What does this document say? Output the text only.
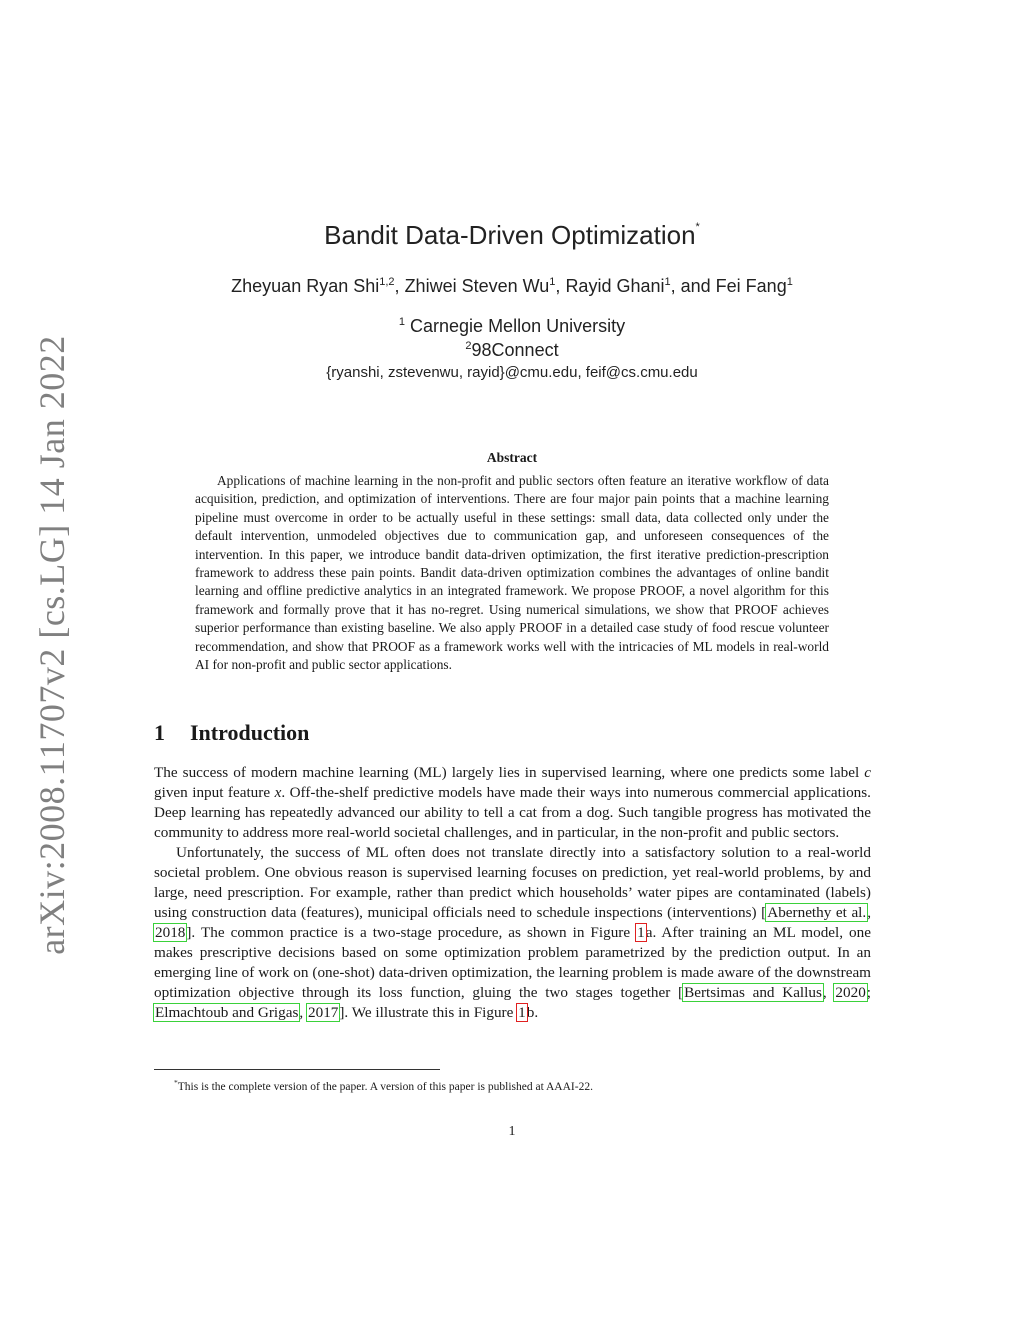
arXiv:2008.11707v2 [cs.LG] 14 Jan 2022
Bandit Data-Driven Optimization*
Zheyuan Ryan Shi$^{1,2}$, Zhiwei Steven Wu$^1$, Rayid Ghani$^1$, and Fei Fang$^1$
$^1$ Carnegie Mellon University
$^2$98Connect
{ryanshi, zstevenwu, rayid}@cmu.edu, feif@cs.cmu.edu
Abstract

Applications of machine learning in the non-profit and public sectors often feature an iterative workflow of data acquisition, prediction, and optimization of interventions. There are four major pain points that a machine learning pipeline must overcome in order to be actually useful in these settings: small data, data collected only under the default intervention, unmodeled objectives due to communication gap, and unforeseen consequences of the intervention. In this paper, we introduce bandit data-driven optimization, the first iterative prediction-prescription framework to address these pain points. Bandit data-driven optimization combines the advantages of online bandit learning and offline predictive analytics in an integrated framework. We propose PROOF, a novel algorithm for this framework and formally prove that it has no-regret. Using numerical simulations, we show that PROOF achieves superior performance than existing baseline. We also apply PROOF in a detailed case study of food rescue volunteer recommendation, and show that PROOF as a framework works well with the intricacies of ML models in real-world AI for non-profit and public sector applications.

1 Introduction

The success of modern machine learning (ML) largely lies in supervised learning, where one predicts some label c given input feature x. Off-the-shelf predictive models have made their ways into numerous commercial applications. Deep learning has repeatedly advanced our ability to tell a cat from a dog. Such tangible progress has motivated the community to address more real-world societal challenges, and in particular, in the non-profit and public sectors.

Unfortunately, the success of ML often does not translate directly into a satisfactory solution to a real-world societal problem. One obvious reason is supervised learning focuses on prediction, yet real-world problems, by and large, need prescription. For example, rather than predict which households’ water pipes are contaminated (labels) using construction data (features), municipal officials need to schedule inspections (interventions) [Abernethy et al., 2018]. The common practice is a two-stage procedure, as shown in Figure 1a. After training an ML model, one makes prescriptive decisions based on some optimization problem parametrized by the prediction output. In an emerging line of work on (one-shot) data-driven optimization, the learning problem is made aware of the downstream optimization objective through its loss function, gluing the two stages together [Bertsimas and Kallus, 2020; Elmachtoub and Grigas, 2017]. We illustrate this in Figure 1b.

*This is the complete version of the paper. A version of this paper is published at AAAI-22.
1
